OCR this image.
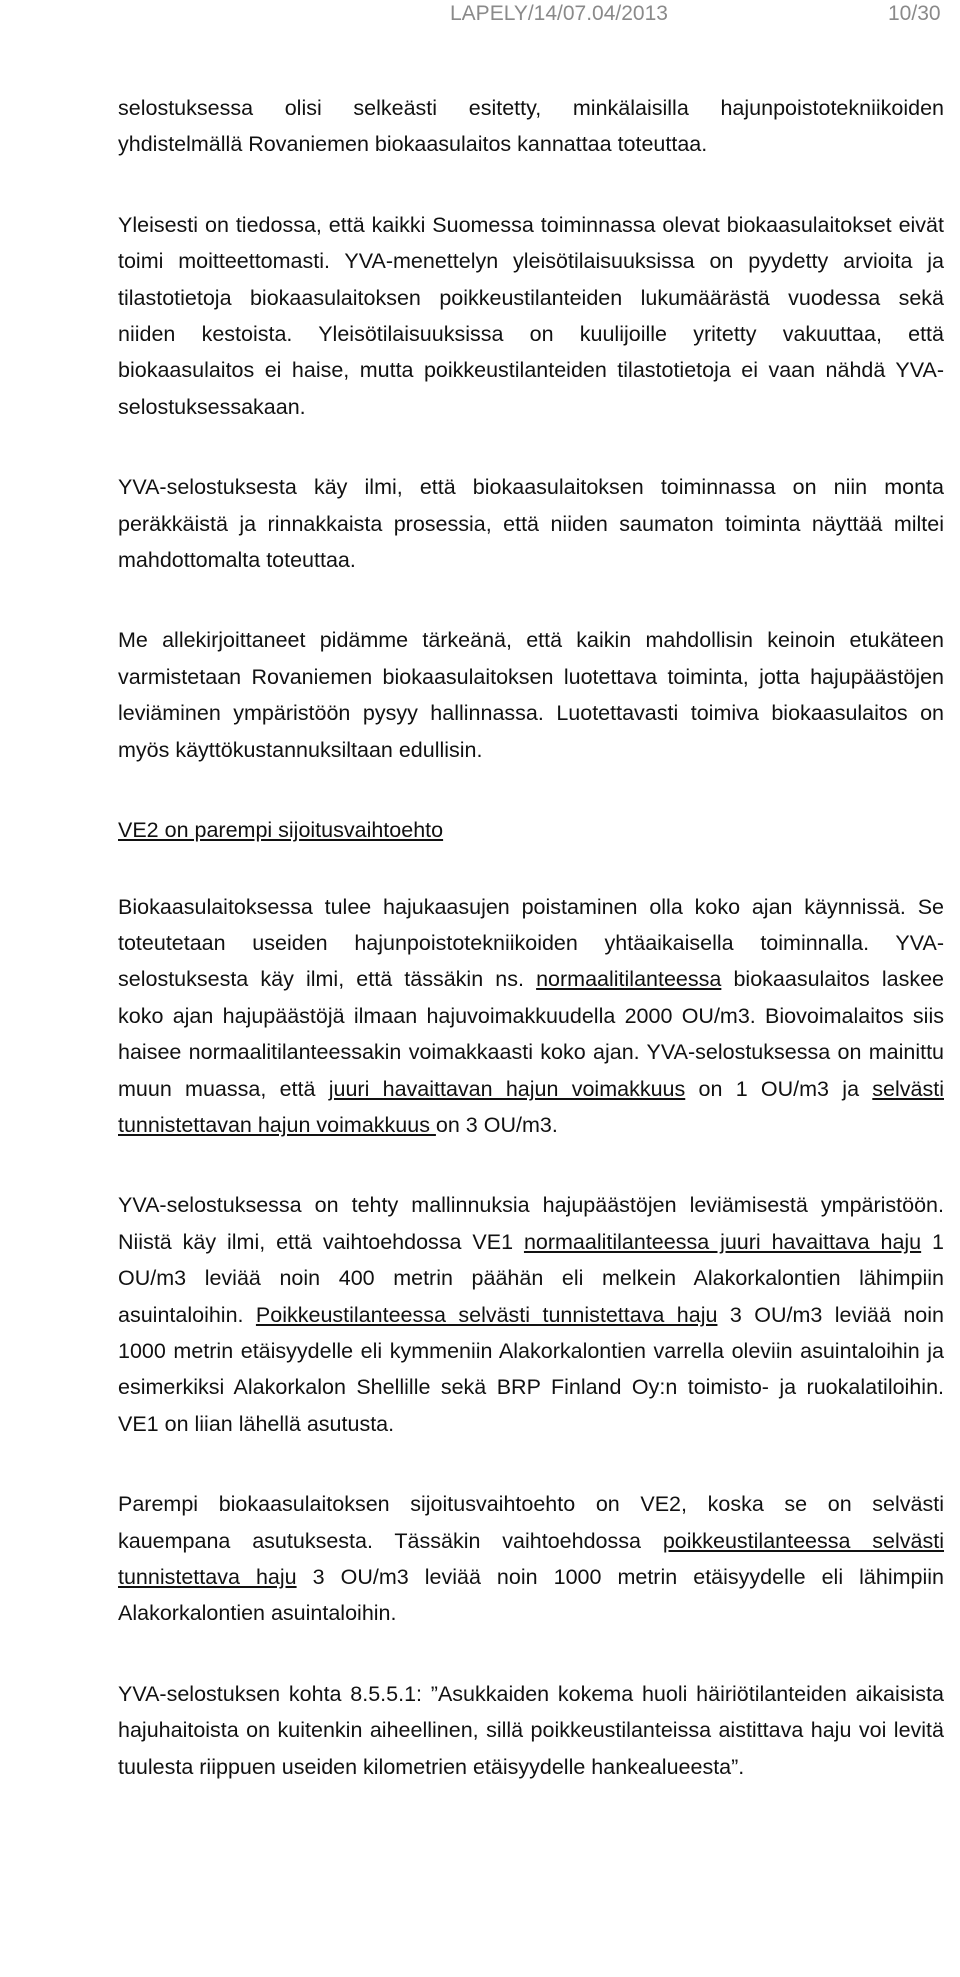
LAPELY/14/07.04/2013	10/30

selostuksessa olisi selkeästi esitetty, minkälaisilla hajunpoistotekniikoiden yhdistelmällä Rovaniemen biokaasulaitos kannattaa toteuttaa.

Yleisesti on tiedossa, että kaikki Suomessa toiminnassa olevat biokaasulaitokset eivät toimi moitteettomasti. YVA-menettelyn yleisötilaisuuksissa on pyydetty arvioita ja tilastotietoja biokaasulaitoksen poikkeustilanteiden lukumäärästä vuodessa sekä niiden kestoista. Yleisötilaisuuksissa on kuulijoille yritetty vakuuttaa, että biokaasulaitos ei haise, mutta poikkeustilanteiden tilastotietoja ei vaan nähdä YVA-selostuksessakaan.

YVA-selostuksesta käy ilmi, että biokaasulaitoksen toiminnassa on niin monta peräkkäistä ja rinnakkaista prosessia, että niiden saumaton toiminta näyttää miltei mahdottomalta toteuttaa.

Me allekirjoittaneet pidämme tärkeänä, että kaikin mahdollisin keinoin etukäteen varmistetaan Rovaniemen biokaasulaitoksen luotettava toiminta, jotta hajupäästöjen leviäminen ympäristöön pysyy hallinnassa. Luotettavasti toimiva biokaasulaitos on myös käyttökustannuksiltaan edullisin.

VE2 on parempi sijoitusvaihtoehto

Biokaasulaitoksessa tulee hajukaasujen poistaminen olla koko ajan käynnissä. Se toteutetaan useiden hajunpoistotekniikoiden yhtäaikaisella toiminnalla. YVA-selostuksesta käy ilmi, että tässäkin ns. normaalitilanteessa biokaasulaitos laskee koko ajan hajupäästöjä ilmaan hajuvoimakkuudella 2000 OU/m3. Biovoimalaitos siis haisee normaalitilanteessakin voimakkaasti koko ajan. YVA-selostuksessa on mainittu muun muassa, että juuri havaittavan hajun voimakkuus on 1 OU/m3 ja selvästi tunnistettavan hajun voimakkuus on 3 OU/m3.

YVA-selostuksessa on tehty mallinnuksia hajupäästöjen leviämisestä ympäristöön. Niistä käy ilmi, että vaihtoehdossa VE1 normaalitilanteessa juuri havaittava haju 1 OU/m3 leviää noin 400 metrin päähän eli melkein Alakorkalontien lähimpiin asuintaloihin. Poikkeustilanteessa selvästi tunnistettava haju 3 OU/m3 leviää noin 1000 metrin etäisyydelle eli kymmeniin Alakorkalontien varrella oleviin asuintaloihin ja esimerkiksi Alakorkalon Shellille sekä BRP Finland Oy:n toimisto- ja ruokalatiloihin. VE1 on liian lähellä asutusta.

Parempi biokaasulaitoksen sijoitusvaihtoehto on VE2, koska se on selvästi kauempana asutuksesta. Tässäkin vaihtoehdossa poikkeustilanteessa selvästi tunnistettava haju 3 OU/m3 leviää noin 1000 metrin etäisyydelle eli lähimpiin Alakorkalontien asuintaloihin.

YVA-selostuksen kohta 8.5.5.1: ”Asukkaiden kokema huoli häiriötilanteiden aikaisista hajuhaitoista on kuitenkin aiheellinen, sillä poikkeustilanteissa aistittava haju voi levitä tuulesta riippuen useiden kilometrien etäisyydelle hankealueesta”.
